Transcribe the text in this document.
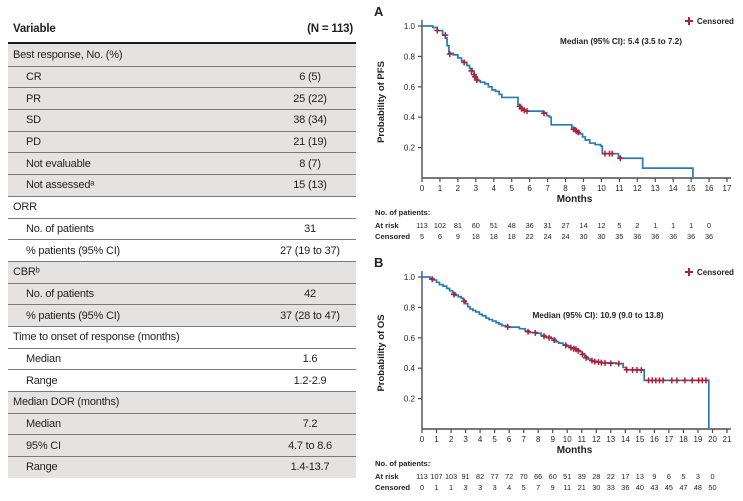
Variable	(N = 113)
Best response, No. (%)
CR	6 (5)
PR	25 (22)
SD	38 (34)
PD	21 (19)
Not evaluable	8 (7)
Not assessedᵃ	15 (13)
ORR
No. of patients	31
% patients (95% CI)	27 (19 to 37)
CBRᵇ
No. of patients	42
% patients (95% CI)	37 (28 to 47)
Time to onset of response (months)
Median	1.6
Range	1.2-2.9
Median DOR (months)
Median	7.2
95% CI	4.7 to 8.6
Range	1.4-13.7
A
Censored
Median (95% CI): 5.4 (3.5 to 7.2)
0.2
0.4
0.6
0.8
1.0
0 1 2 3 4 5 6 7 8 9 10 11 12 13 14 15 16 17
Months
Probability of PFS
No. of patients:
At risk 113 102 81 60 51 48 36 31 27 14 12 5 2 1 1 1 0
Censored 5 6 9 18 18 18 22 24 24 30 30 35 36 36 36 36 36
B
Censored
Median (95% CI): 10.9 (9.0 to 13.8)
0.2
0.4
0.6
0.8
1.0
0 1 2 3 4 5 6 7 8 9 10 11 12 13 14 15 16 17 18 19 20 21
Months
Probability of OS
No. of patients:
At risk 113 107 103 91 82 77 72 70 66 60 51 39 28 22 17 13 9 6 5 3 0
Censored 0 1 1 3 3 3 4 5 7 9 11 21 30 33 36 40 43 45 47 48 50
